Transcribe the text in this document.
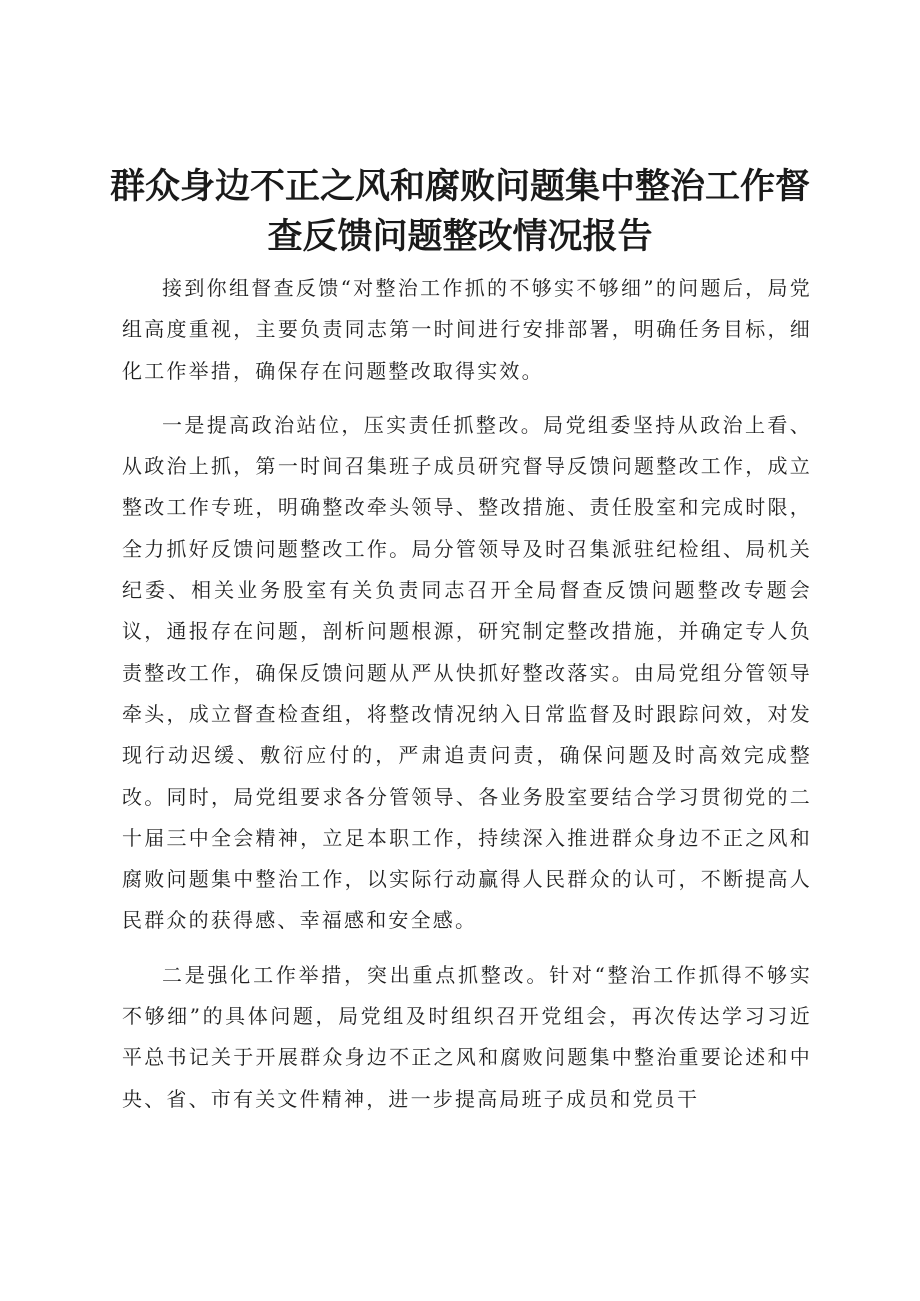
群众身边不正之风和腐败问题集中整治工作督查反馈问题整改情况报告

接到你组督查反馈“对整治工作抓的不够实不够细”的问题后，局党组高度重视，主要负责同志第一时间进行安排部署，明确任务目标，细化工作举措，确保存在问题整改取得实效。

一是提高政治站位，压实责任抓整改。局党组委坚持从政治上看、从政治上抓，第一时间召集班子成员研究督导反馈问题整改工作，成立整改工作专班，明确整改牵头领导、整改措施、责任股室和完成时限，全力抓好反馈问题整改工作。局分管领导及时召集派驻纪检组、局机关纪委、相关业务股室有关负责同志召开全局督查反馈问题整改专题会议，通报存在问题，剖析问题根源，研究制定整改措施，并确定专人负责整改工作，确保反馈问题从严从快抓好整改落实。由局党组分管领导牵头，成立督查检查组，将整改情况纳入日常监督及时跟踪问效，对发现行动迟缓、敷衍应付的，严肃追责问责，确保问题及时高效完成整改。同时，局党组要求各分管领导、各业务股室要结合学习贯彻党的二十届三中全会精神，立足本职工作，持续深入推进群众身边不正之风和腐败问题集中整治工作，以实际行动赢得人民群众的认可，不断提高人民群众的获得感、幸福感和安全感。

二是强化工作举措，突出重点抓整改。针对“整治工作抓得不够实不够细”的具体问题，局党组及时组织召开党组会，再次传达学习习近平总书记关于开展群众身边不正之风和腐败问题集中整治重要论述和中央、省、市有关文件精神，进一步提高局班子成员和党员干
